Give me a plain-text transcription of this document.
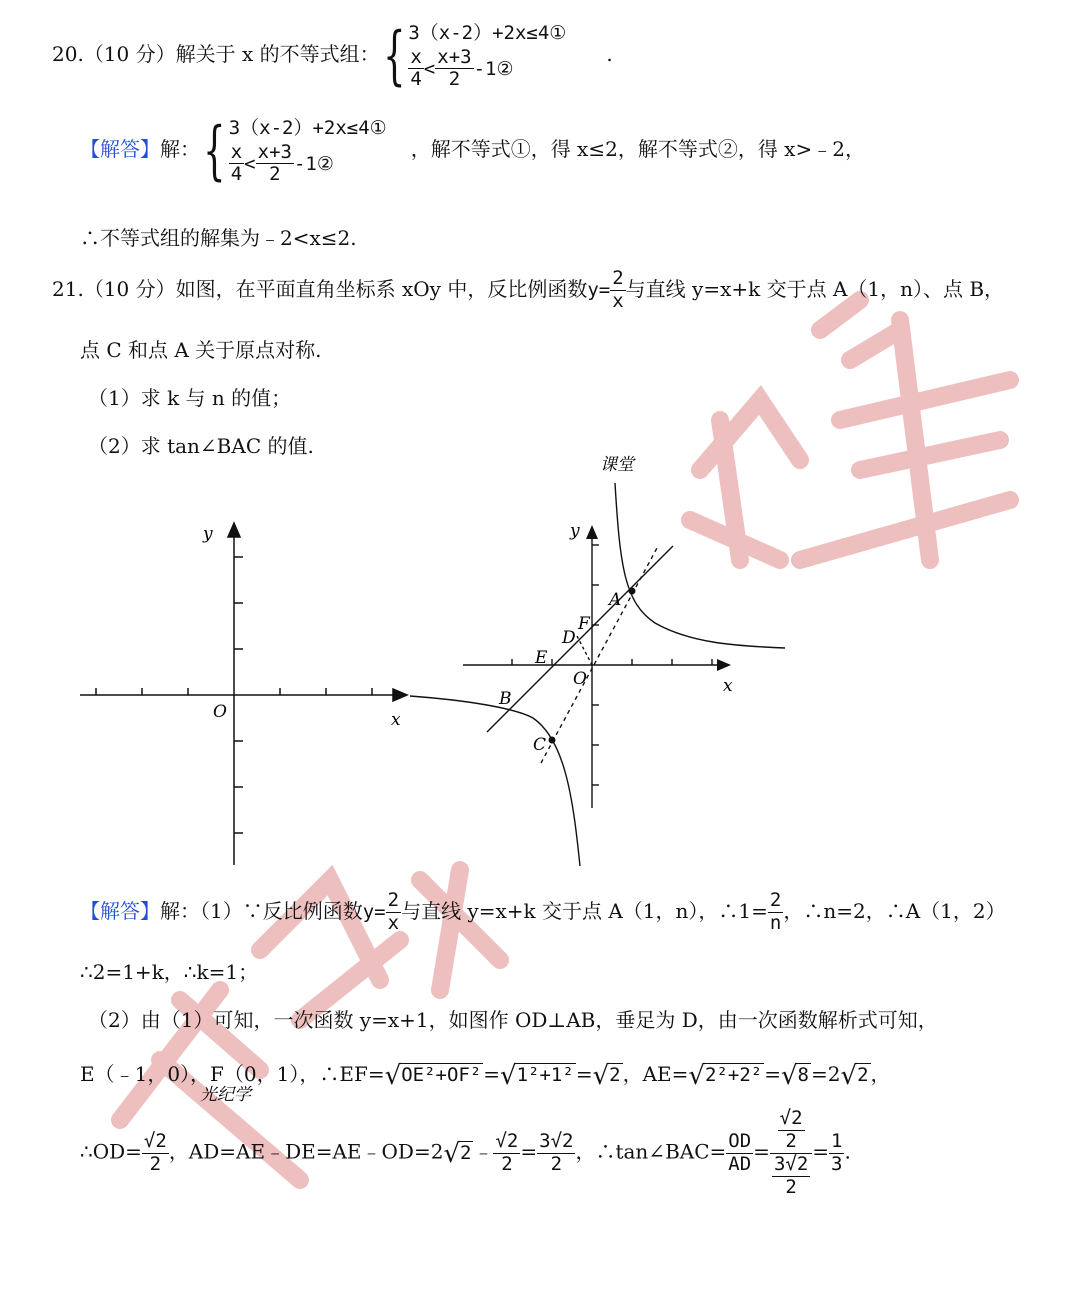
课堂
光纪学
20.（10 分）解关于 x 的不等式组：{ 3（x-2）+2x≤4①
$\frac{x}{4} < \frac{x+3}{2}$ -1②
.
【解答】解：{ 3（x-2）+2x≤4①
$\frac{x}{4} < \frac{x+3}{2}$ -1②
，解不等式①，得 x≤2，解不等式②，得 x>﹣2，
∴不等式组的解集为﹣2<x≤2.
21.（10 分）如图，在平面直角坐标系 xOy 中，反比例函数$y= \frac{2}{x}$ 与直线 y=x+k 交于点 A（1，n）、点 B，
点 C 和点 A 关于原点对称.
（1）求 k 与 n 的值；
（2）求 tan∠BAC 的值.
y
x
O
y
x
O
A
B
C
D
E
F
【解答】解：（1）∵反比例函数$y= \frac{2}{x}$ 与直线 y=x+k 交于点 A（1，n），∴1= $\frac{2}{n}$ ，∴n=2，∴A（1，2）
∴2=1+k，∴k=1；
（2）由（1）可知，一次函数 y=x+1，如图作 OD⊥AB，垂足为 D，由一次函数解析式可知，
E（﹣1，0），F（0，1），∴EF=√OE²+OF² =√1²+1² =√2 ，AE=√2²+2² =√8 =2√2 ，
∴OD= $\frac{√2}{2}$ ，AD=AE﹣DE=AE﹣OD=2√2 ﹣ $\frac{√2}{2} = \frac{3√2}{2}$ ，∴tan∠BAC= $\frac{OD}{AD} = \frac{\frac{√2}{2}}{\frac{3√2}{2}} = \frac{1}{3}$ .
